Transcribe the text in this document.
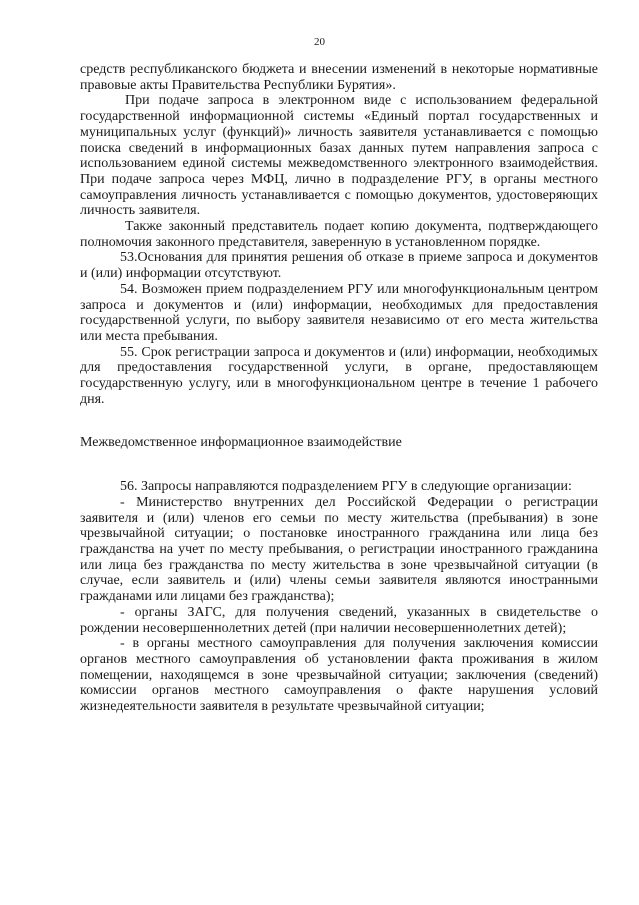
20

средств республиканского бюджета и внесении изменений в некоторые нормативные правовые акты Правительства Республики Бурятия».

При подаче запроса в электронном виде с использованием федеральной государственной информационной системы «Единый портал государственных и муниципальных услуг (функций)» личность заявителя устанавливается с помощью поиска сведений в информационных базах данных путем направления запроса с использованием единой системы межведомственного электронного взаимодействия. При подаче запроса через МФЦ, лично в подразделение РГУ, в органы местного самоуправления личность устанавливается с помощью документов, удостоверяющих личность заявителя.

Также законный представитель подает копию документа, подтверждающего полномочия законного представителя, заверенную в установленном порядке.

53.Основания для принятия решения об отказе в приеме запроса и документов и (или) информации отсутствуют.

54. Возможен прием подразделением РГУ или многофункциональным центром запроса и документов и (или) информации, необходимых для предоставления государственной услуги, по выбору заявителя независимо от его места жительства или места пребывания.

55. Срок регистрации запроса и документов и (или) информации, необходимых для предоставления государственной услуги, в органе, предоставляющем государственную услугу, или в многофункциональном центре в течение 1 рабочего дня.

Межведомственное информационное взаимодействие

56. Запросы направляются подразделением РГУ в следующие организации:

- Министерство внутренних дел Российской Федерации о регистрации заявителя и (или) членов его семьи по месту жительства (пребывания) в зоне чрезвычайной ситуации; о постановке иностранного гражданина или лица без гражданства на учет по месту пребывания, о регистрации иностранного гражданина или лица без гражданства по месту жительства в зоне чрезвычайной ситуации (в случае, если заявитель и (или) члены семьи заявителя являются иностранными гражданами или лицами без гражданства);

- органы ЗАГС, для получения сведений, указанных в свидетельстве о рождении несовершеннолетних детей (при наличии несовершеннолетних детей);

- в органы местного самоуправления для получения заключения комиссии органов местного самоуправления об установлении факта проживания в жилом помещении, находящемся в зоне чрезвычайной ситуации; заключения (сведений) комиссии органов местного самоуправления о факте нарушения условий жизнедеятельности заявителя в результате чрезвычайной ситуации;
